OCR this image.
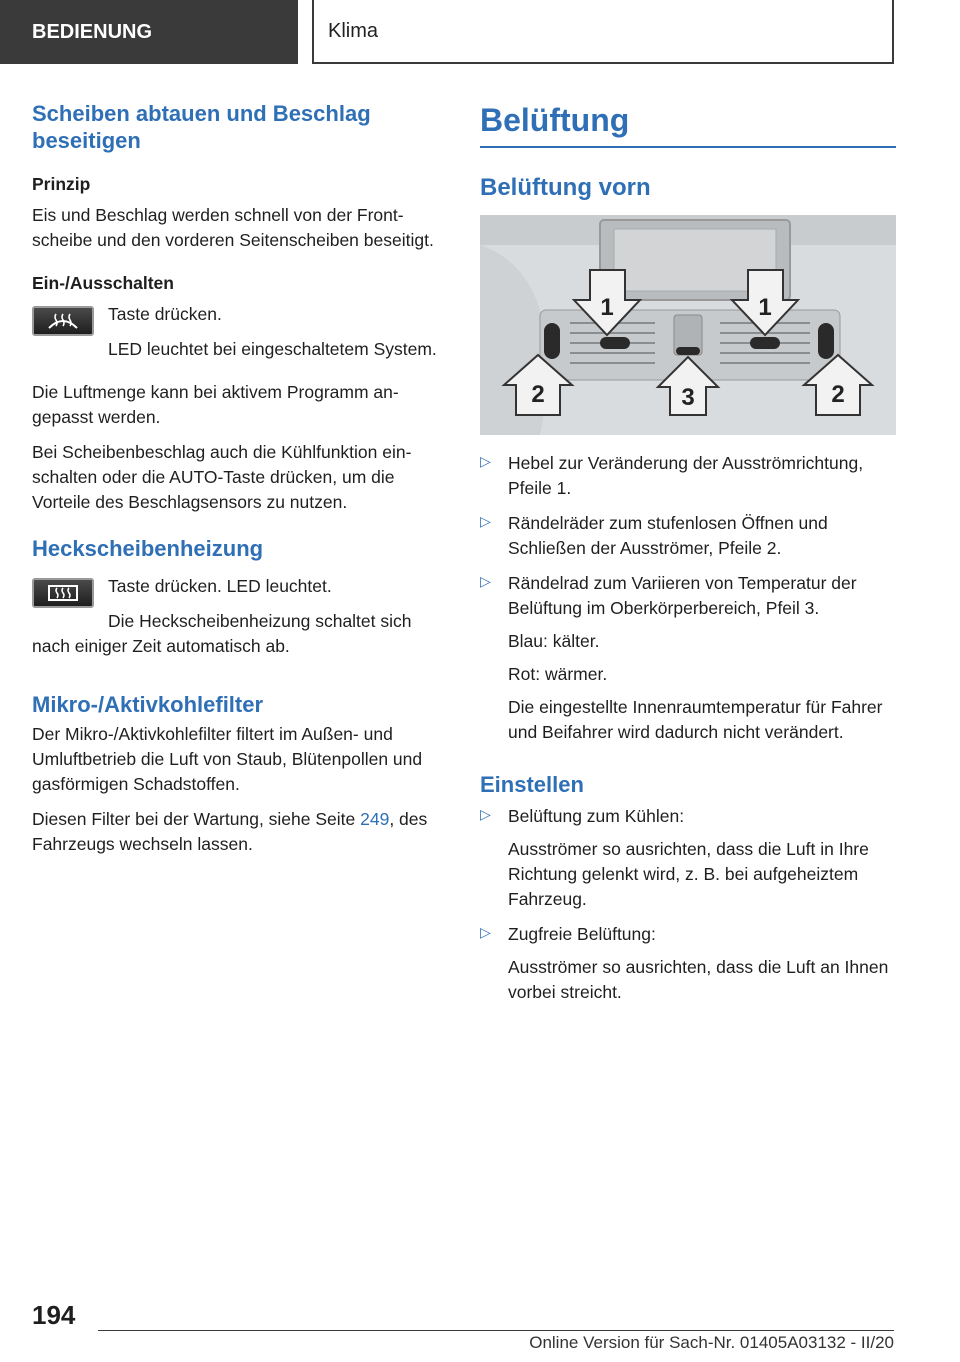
BEDIENUNG	Klima
Scheiben abtauen und Beschlag beseitigen
Prinzip

Eis und Beschlag werden schnell von der Frontscheibe und den vorderen Seitenscheiben beseitigt.

Ein-/Ausschalten

Taste drücken.

LED leuchtet bei eingeschaltetem System.

Die Luftmenge kann bei aktivem Programm angepasst werden.

Bei Scheibenbeschlag auch die Kühlfunktion einschalten oder die AUTO-Taste drücken, um die Vorteile des Beschlagsensors zu nutzen.

Heckscheibenheizung

Taste drücken. LED leuchtet.

Die Heckscheibenheizung schaltet sich nach einiger Zeit automatisch ab.

Mikro-/Aktivkohlefilter

Der Mikro-/Aktivkohlefilter filtert im Außen- und Umluftbetrieb die Luft von Staub, Blütenpollen und gasförmigen Schadstoffen.

Diesen Filter bei der Wartung, siehe Seite 249, des Fahrzeugs wechseln lassen.

Belüftung
Belüftung vorn
1	1
2	2
3
▷ Hebel zur Veränderung der Ausströmrichtung, Pfeile 1.

▷ Rändelräder zum stufenlosen Öffnen und Schließen der Ausströmer, Pfeile 2.

▷ Rändelrad zum Variieren von Temperatur der Belüftung im Oberkörperbereich, Pfeil 3.

Blau: kälter.

Rot: wärmer.

Die eingestellte Innenraumtemperatur für Fahrer und Beifahrer wird dadurch nicht verändert.

Einstellen
▷ Belüftung zum Kühlen:

Ausströmer so ausrichten, dass die Luft in Ihre Richtung gelenkt wird, z. B. bei aufgeheiztem Fahrzeug.

▷ Zugfreie Belüftung:

Ausströmer so ausrichten, dass die Luft an Ihnen vorbei streicht.

194
Online Version für Sach-Nr. 01405A03132 - II/20
